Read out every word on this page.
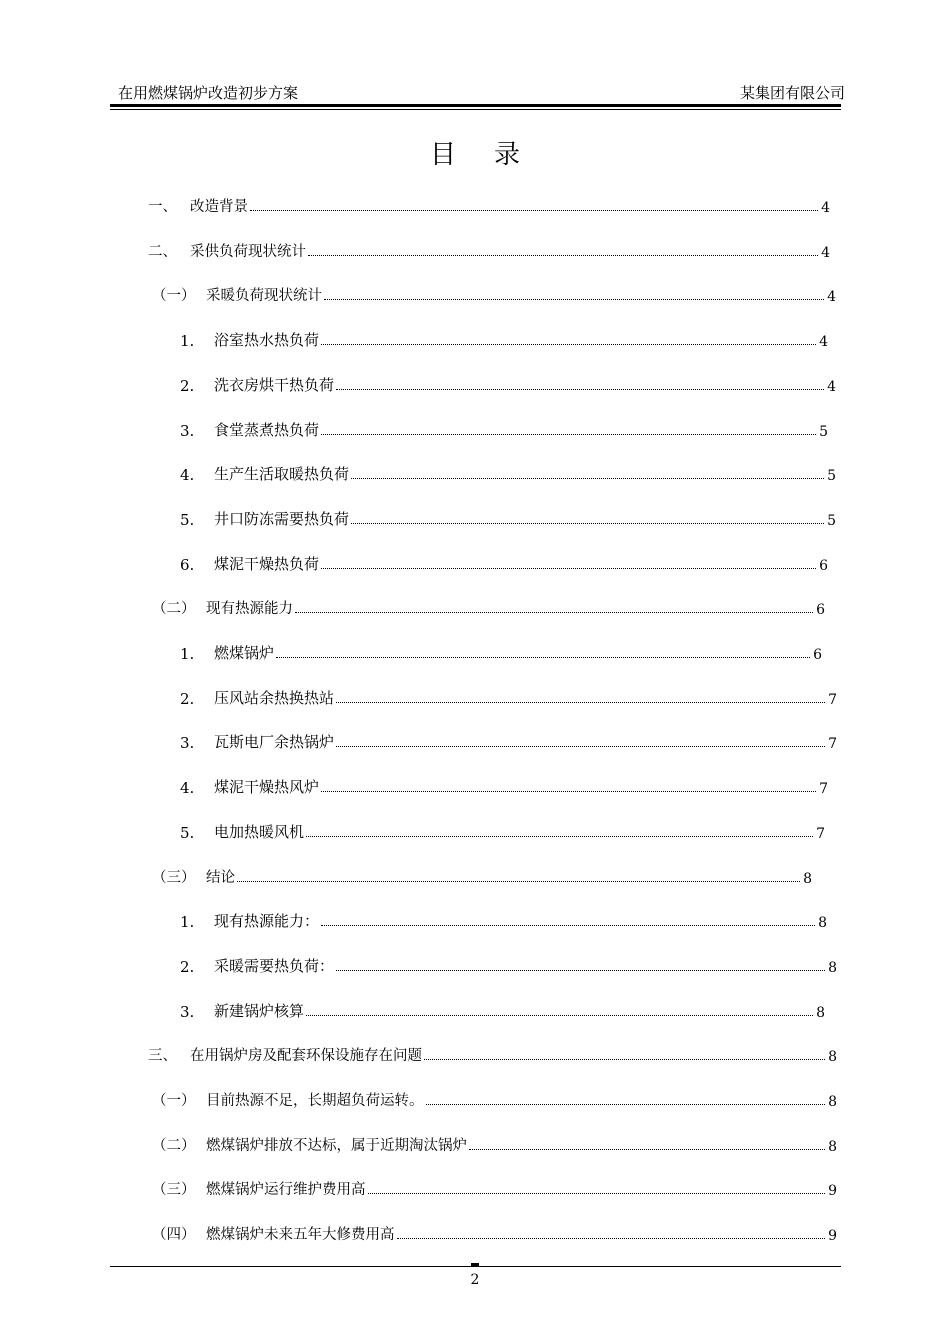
在用燃煤锅炉改造初步方案	某集团有限公司
目录
一、 改造背景	4
二、 采供负荷现状统计	4
（一） 采暖负荷现状统计	4
1.	浴室热水热负荷	4
2.	洗衣房烘干热负荷	4
3.	食堂蒸煮热负荷	5
4.	生产生活取暖热负荷	5
5.	井口防冻需要热负荷	5
6.	煤泥干燥热负荷	6
（二） 现有热源能力	6
1.	燃煤锅炉	6
2.	压风站余热换热站	7
3.	瓦斯电厂余热锅炉	7
4.	煤泥干燥热风炉	7
5.	电加热暖风机	7
（三） 结论	8
1.	现有热源能力：	8
2.	采暖需要热负荷：	8
3.	新建锅炉核算	8
三、 在用锅炉房及配套环保设施存在问题	8
（一） 目前热源不足，长期超负荷运转。	8
（二） 燃煤锅炉排放不达标，属于近期淘汰锅炉	8
（三） 燃煤锅炉运行维护费用高	9
（四） 燃煤锅炉未来五年大修费用高	9
2
